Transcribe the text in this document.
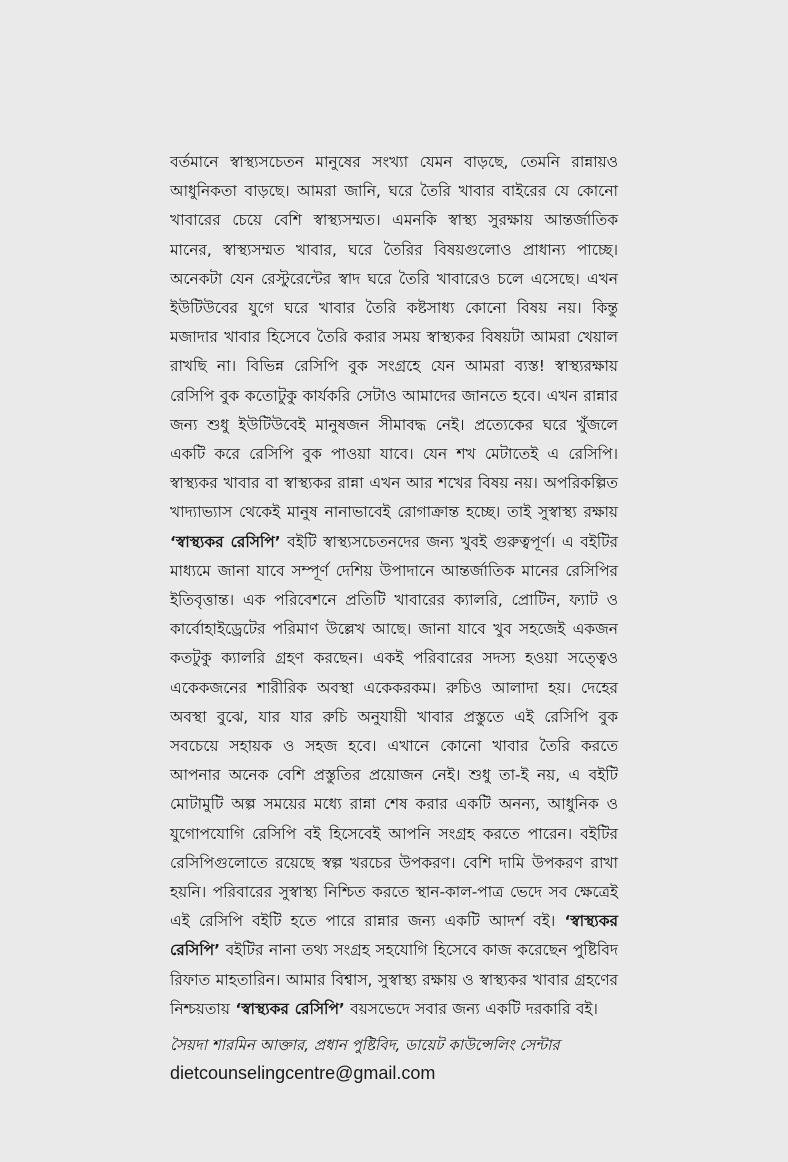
বর্তমানে স্বাস্থ্যসচেতন মানুষের সংখ্যা যেমন বাড়ছে, তেমনি রান্নায়ও আধুনিকতা বাড়ছে। আমরা জানি, ঘরে তৈরি খাবার বাইরের যে কোনো খাবারের চেয়ে বেশি স্বাস্থ্যসম্মত। এমনকি স্বাস্থ্য সুরক্ষায় আন্তর্জাতিক মানের, স্বাস্থ্যসম্মত খাবার, ঘরে তৈরির বিষয়গুলোও প্রাধান্য পাচ্ছে। অনেকটা যেন রেস্টুরেন্টের স্বাদ ঘরে তৈরি খাবারেও চলে এসেছে। এখন ইউটিউবের যুগে ঘরে খাবার তৈরি কষ্টসাধ্য কোনো বিষয় নয়। কিন্তু মজাদার খাবার হিসেবে তৈরি করার সময় স্বাস্থ্যকর বিষয়টা আমরা খেয়াল রাখছি না। বিভিন্ন রেসিপি বুক সংগ্রহে যেন আমরা ব্যস্ত! স্বাস্থ্যরক্ষায় রেসিপি বুক কতোটুকু কার্যকরি সেটাও আমাদের জানতে হবে। এখন রান্নার জন্য শুধু ইউটিউবেই মানুষজন সীমাবদ্ধ নেই। প্রত্যেকের ঘরে খুঁজলে একটি করে রেসিপি বুক পাওয়া যাবে। যেন শখ মেটাতেই এ রেসিপি। স্বাস্থ্যকর খাবার বা স্বাস্থ্যকর রান্না এখন আর শখের বিষয় নয়। অপরিকল্পিত খাদ্যাভ্যাস থেকেই মানুষ নানাভাবেই রোগাক্রান্ত হচ্ছে। তাই সুস্বাস্থ্য রক্ষায় ‘স্বাস্থ্যকর রেসিপি’ বইটি স্বাস্থ্যসচেতনদের জন্য খুবই গুরুত্বপূর্ণ। এ বইটির মাধ্যমে জানা যাবে সম্পূর্ণ দেশিয় উপাদানে আন্তর্জাতিক মানের রেসিপির ইতিবৃত্তান্ত। এক পরিবেশনে প্রতিটি খাবারের ক্যালরি, প্রোটিন, ফ্যাট ও কার্বোহাইড্রেটের পরিমাণ উল্লেখ আছে। জানা যাবে খুব সহজেই একজন কতটুকু ক্যালরি গ্রহণ করছেন। একই পরিবারের সদস্য হওয়া সত্ত্বেও একেকজনের শারীরিক অবস্থা একেকরকম। রুচিও আলাদা হয়। দেহের অবস্থা বুঝে, যার যার রুচি অনুযায়ী খাবার প্রস্তুতে এই রেসিপি বুক সবচেয়ে সহায়ক ও সহজ হবে। এখানে কোনো খাবার তৈরি করতে আপনার অনেক বেশি প্রস্তুতির প্রয়োজন নেই। শুধু তা-ই নয়, এ বইটি মোটামুটি অল্প সময়ের মধ্যে রান্না শেষ করার একটি অনন্য, আধুনিক ও যুগোপযোগি রেসিপি বই হিসেবেই আপনি সংগ্রহ করতে পারেন। বইটির রেসিপিগুলোতে রয়েছে স্বল্প খরচের উপকরণ। বেশি দামি উপকরণ রাখা হয়নি। পরিবারের সুস্বাস্থ্য নিশ্চিত করতে স্থান-কাল-পাত্র ভেদে সব ক্ষেত্রেই এই রেসিপি বইটি হতে পারে রান্নার জন্য একটি আদর্শ বই। ‘স্বাস্থ্যকর রেসিপি’ বইটির নানা তথ্য সংগ্রহ সহযোগি হিসেবে কাজ করেছেন পুষ্টিবিদ রিফাত মাহতারিন। আমার বিশ্বাস, সুস্বাস্থ্য রক্ষায় ও স্বাস্থ্যকর খাবার গ্রহণের নিশ্চয়তায় ‘স্বাস্থ্যকর রেসিপি’ বয়সভেদে সবার জন্য একটি দরকারি বই।

সৈয়দা শারমিন আক্তার, প্রধান পুষ্টিবিদ, ডায়েট কাউন্সেলিং সেন্টার

dietcounselingcentre@gmail.com
